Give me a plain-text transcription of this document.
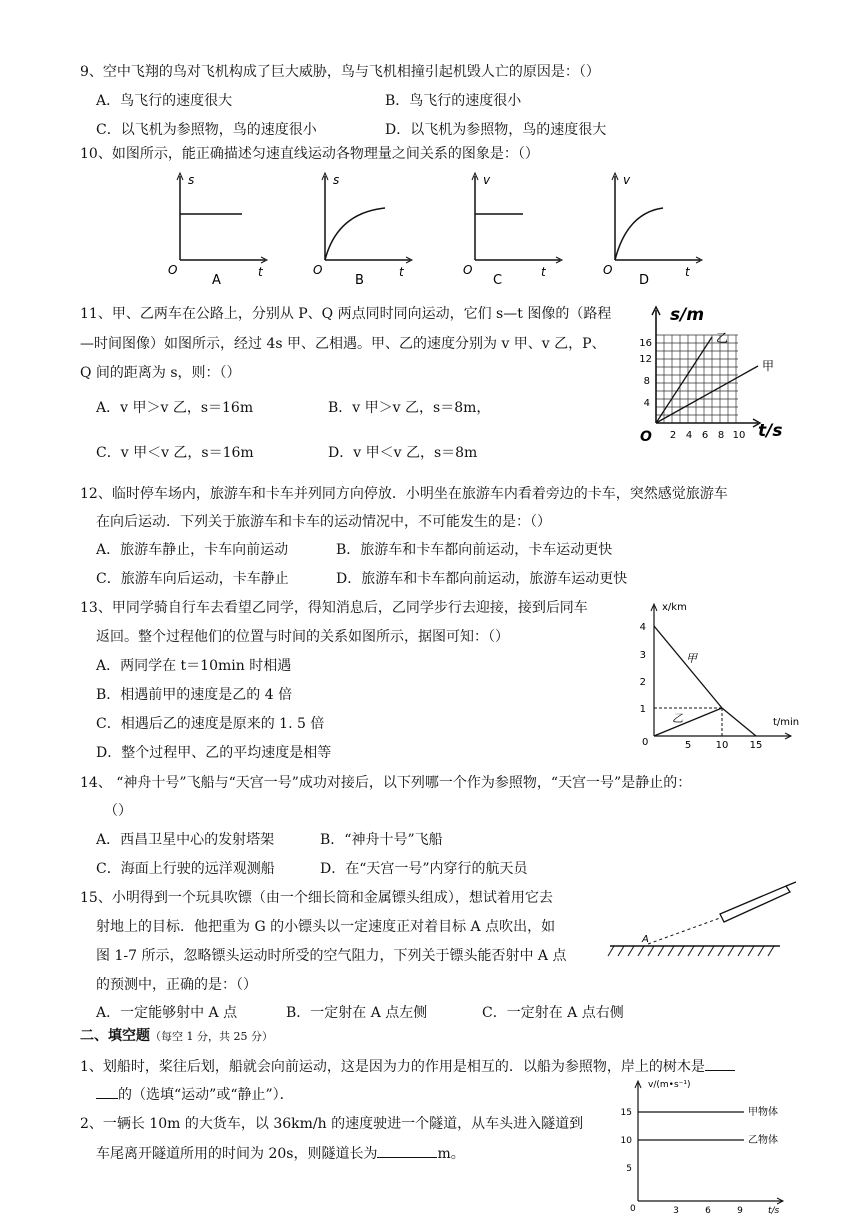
9、空中飞翔的鸟对飞机构成了巨大威胁，鸟与飞机相撞引起机毁人亡的原因是：（）
A．鸟飞行的速度很大	B．鸟飞行的速度很小
C．以飞机为参照物，鸟的速度很小	D．以飞机为参照物，鸟的速度很大
10、如图所示，能正确描述匀速直线运动各物理量之间关系的图象是：（）
s
t
O
A
s
t
O
B
v
t
O
C
v
t
O
D
11、甲、乙两车在公路上，分别从 P、Q 两点同时同向运动，它们 s—t 图像的（路程
—时间图像）如图所示，经过 4s 甲、乙相遇。甲、乙的速度分别为 v 甲、v 乙，P、
Q 间的距离为 s，则：（）
A．v 甲＞v 乙，s＝16m	B．v 甲＞v 乙，s＝8m，
C．v 甲＜v 乙，s＝16m	D．v 甲＜v 乙，s＝8m
s/m
t/s
O
4
8
12
16
2 4 6 8 10
乙
甲
12、临时停车场内，旅游车和卡车并列同方向停放．小明坐在旅游车内看着旁边的卡车，突然感觉旅游车
在向后运动．下列关于旅游车和卡车的运动情况中，不可能发生的是：（）
A．旅游车静止，卡车向前运动	B．旅游车和卡车都向前运动，卡车运动更快
C．旅游车向后运动，卡车静止	D．旅游车和卡车都向前运动，旅游车运动更快
13、甲同学骑自行车去看望乙同学，得知消息后，乙同学步行去迎接，接到后同车
返回。整个过程他们的位置与时间的关系如图所示，据图可知：（）
A．两同学在 t＝10min 时相遇
B．相遇前甲的速度是乙的 4 倍
C．相遇后乙的速度是原来的 1. 5 倍
D．整个过程甲、乙的平均速度是相等
x/km
t/min
0
1
2
3
4
5 10 15
甲
乙
14、 “神舟十号”飞船与“天宫一号”成功对接后，以下列哪一个作为参照物，“天宫一号”是静止的：
（）
A．西昌卫星中心的发射塔架	B．“神舟十号”飞船
C．海面上行驶的远洋观测船	D．在“天宫一号”内穿行的航天员
15、小明得到一个玩具吹镖（由一个细长筒和金属镖头组成），想试着用它去
射地上的目标．他把重为 G 的小镖头以一定速度正对着目标 A 点吹出，如
图 1-7 所示，忽略镖头运动时所受的空气阻力，下列关于镖头能否射中 A 点
的预测中，正确的是：（）
A．一定能够射中 A 点	B．一定射在 A 点左侧	C．一定射在 A 点右侧
A
二、填空题（每空 1 分，共 25 分）
1、划船时，桨往后划，船就会向前运动，这是因为力的作用是相互的．以船为参照物，岸上的树木是
的（选填“运动”或“静止”）．
2、一辆长 10m 的大货车，以 36km/h 的速度驶进一个隧道，从车头进入隧道到
车尾离开隧道所用的时间为 20s，则隧道长为	m。
v/(m•s⁻¹)
t/s
0
5
10
15
3	6	9
甲物体
乙物体
